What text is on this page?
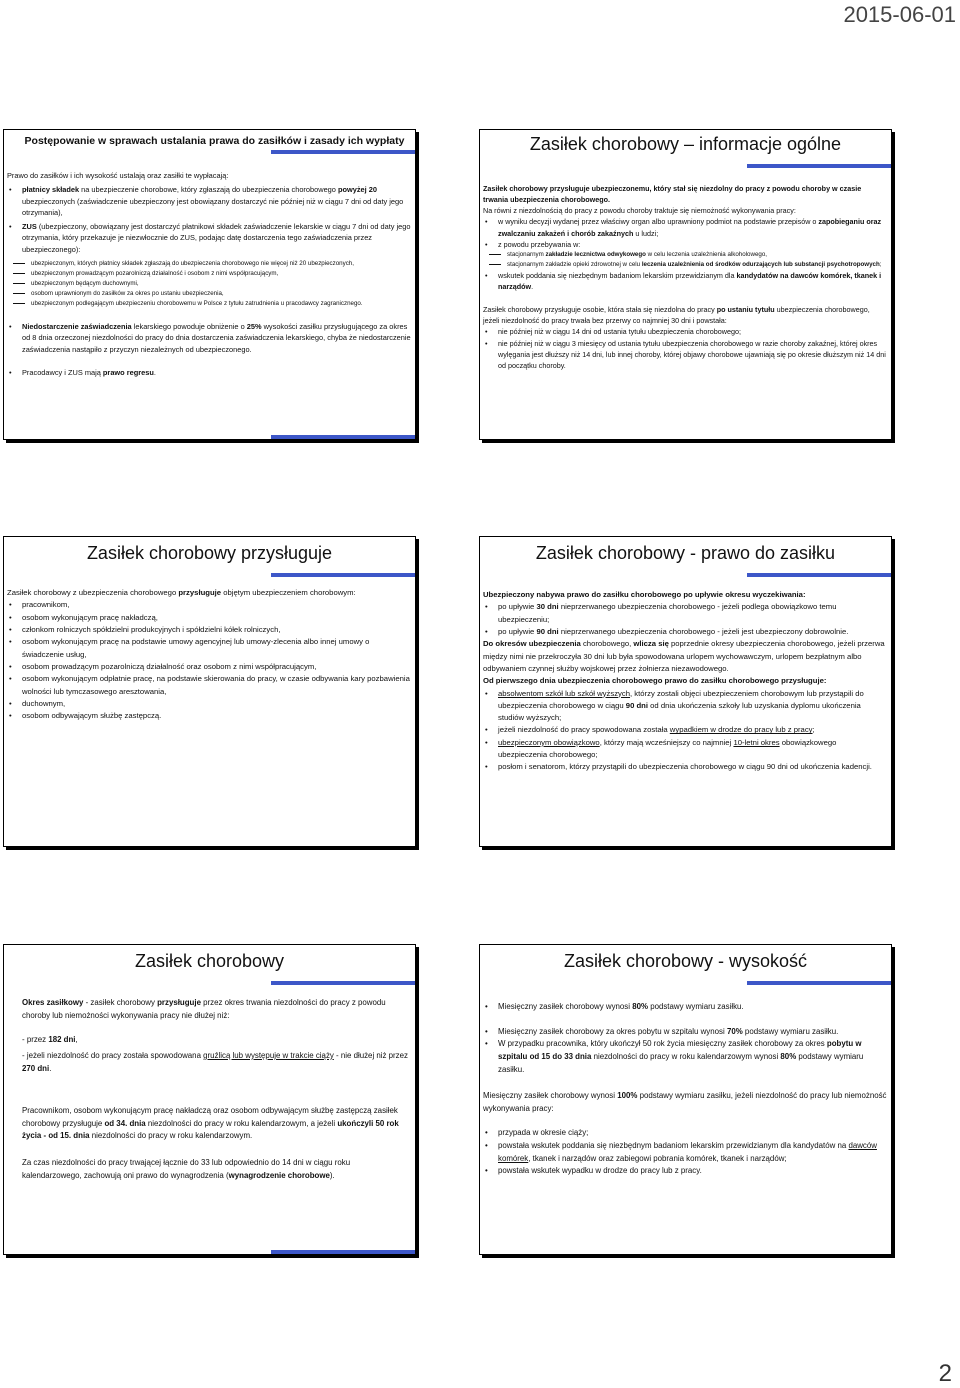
2015-06-01
Postępowanie w sprawach ustalania prawa do zasiłków i zasady ich wypłaty
Prawo do zasiłków i ich wysokość ustalają oraz zasiłki te wypłacają:
• płatnicy składek na ubezpieczenie chorobowe, który zgłaszają do ubezpieczenia chorobowego powyżej 20 ubezpieczonych (zaświadczenie ubezpieczony jest obowiązany dostarczyć nie później niż w ciągu 7 dni od daty jego otrzymania),
• ZUS (ubezpieczony, obowiązany jest dostarczyć płatnikowi składek zaświadczenie lekarskie w ciągu 7 dni od daty jego otrzymania, który przekazuje je niezwłocznie do ZUS, podając datę dostarczenia tego zaświadczenia przez ubezpieczonego):
ubezpieczonym, których płatnicy składek zgłaszają do ubezpieczenia chorobowego nie więcej niż 20 ubezpieczonych,
ubezpieczonym prowadzącym pozarolniczą działalność i osobom z nimi współpracującym,
ubezpieczonym będącym duchownymi,
osobom uprawnionym do zasiłków za okres po ustaniu ubezpieczenia,
ubezpieczonym podlegającym ubezpieczeniu chorobowemu w Polsce z tytułu zatrudnienia u pracodawcy zagranicznego.
• Niedostarczenie zaświadczenia lekarskiego powoduje obniżenie o 25% wysokości zasiłku przysługującego za okres od 8 dnia orzeczonej niezdolności do pracy do dnia dostarczenia zaświadczenia lekarskiego, chyba że niedostarczenie zaświadczenia nastąpiło z przyczyn niezależnych od ubezpieczonego.
• Pracodawcy i ZUS mają prawo regresu.
Zasiłek chorobowy – informacje ogólne
Zasiłek chorobowy przysługuje ubezpieczonemu, który stał się niezdolny do pracy z powodu choroby w czasie trwania ubezpieczenia chorobowego.
Na równi z niezdolnością do pracy z powodu choroby traktuje się niemożność wykonywania pracy:
• w wyniku decyzji wydanej przez właściwy organ albo uprawniony podmiot na podstawie przepisów o zapobieganiu oraz zwalczaniu zakażeń i chorób zakaźnych u ludzi;
• z powodu przebywania w:
stacjonarnym zakładzie lecznictwa odwykowego w celu leczenia uzależnienia alkoholowego,
stacjonarnym zakładzie opieki zdrowotnej w celu leczenia uzależnienia od środków odurzających lub substancji psychotropowych;
• wskutek poddania się niezbędnym badaniom lekarskim przewidzianym dla kandydatów na dawców komórek, tkanek i narządów.
Zasiłek chorobowy przysługuje osobie, która stała się niezdolna do pracy po ustaniu tytułu ubezpieczenia chorobowego, jeżeli niezdolność do pracy trwała bez przerwy co najmniej 30 dni i powstała:
• nie później niż w ciągu 14 dni od ustania tytułu ubezpieczenia chorobowego;
• nie później niż w ciągu 3 miesięcy od ustania tytułu ubezpieczenia chorobowego w razie choroby zakaźnej, której okres wylęgania jest dłuższy niż 14 dni, lub innej choroby, której objawy chorobowe ujawniają się po okresie dłuższym niż 14 dni od początku choroby.
Zasiłek chorobowy przysługuje
Zasiłek chorobowy z ubezpieczenia chorobowego przysługuje objętym ubezpieczeniem chorobowym:
• pracownikom,
• osobom wykonującym pracę nakładczą,
• członkom rolniczych spółdzielni produkcyjnych i spółdzielni kółek rolniczych,
• osobom wykonującym pracę na podstawie umowy agencyjnej lub umowy-zlecenia albo innej umowy o świadczenie usług,
• osobom prowadzącym pozarolniczą działalność oraz osobom z nimi współpracującym,
• osobom wykonującym odpłatnie pracę, na podstawie skierowania do pracy, w czasie odbywania kary pozbawienia wolności lub tymczasowego aresztowania,
• duchownym,
• osobom odbywającym służbę zastępczą.
Zasiłek chorobowy - prawo do zasiłku
Ubezpieczony nabywa prawo do zasiłku chorobowego po upływie okresu wyczekiwania:
• po upływie 30 dni nieprzerwanego ubezpieczenia chorobowego - jeżeli podlega obowiązkowo temu ubezpieczeniu;
• po upływie 90 dni nieprzerwanego ubezpieczenia chorobowego - jeżeli jest ubezpieczony dobrowolnie.
Do okresów ubezpieczenia chorobowego, wlicza się poprzednie okresy ubezpieczenia chorobowego, jeżeli przerwa między nimi nie przekroczyła 30 dni lub była spowodowana urlopem wychowawczym, urlopem bezpłatnym albo odbywaniem czynnej służby wojskowej przez żołnierza niezawodowego.
Od pierwszego dnia ubezpieczenia chorobowego prawo do zasiłku chorobowego przysługuje:
• absolwentom szkół lub szkół wyższych, którzy zostali objęci ubezpieczeniem chorobowym lub przystąpili do ubezpieczenia chorobowego w ciągu 90 dni od dnia ukończenia szkoły lub uzyskania dyplomu ukończenia studiów wyższych;
• jeżeli niezdolność do pracy spowodowana została wypadkiem w drodze do pracy lub z pracy;
• ubezpieczonym obowiązkowo, którzy mają wcześniejszy co najmniej 10-letni okres obowiązkowego ubezpieczenia chorobowego;
• posłom i senatorom, którzy przystąpili do ubezpieczenia chorobowego w ciągu 90 dni od ukończenia kadencji.
Zasiłek chorobowy
Okres zasiłkowy - zasiłek chorobowy przysługuje przez okres trwania niezdolności do pracy z powodu choroby lub niemożności wykonywania pracy nie dłużej niż:
- przez 182 dni,
- jeżeli niezdolność do pracy została spowodowana gruźlicą lub występuje w trakcie ciąży - nie dłużej niż przez 270 dni.
Pracownikom, osobom wykonującym pracę nakładczą oraz osobom odbywającym służbę zastępczą zasiłek chorobowy przysługuje od 34. dnia niezdolności do pracy w roku kalendarzowym, a jeżeli ukończyli 50 rok życia - od 15. dnia niezdolności do pracy w roku kalendarzowym.
Za czas niezdolności do pracy trwającej łącznie do 33 lub odpowiednio do 14 dni w ciągu roku kalendarzowego, zachowują oni prawo do wynagrodzenia (wynagrodzenie chorobowe).
Zasiłek chorobowy - wysokość
• Miesięczny zasiłek chorobowy wynosi 80% podstawy wymiaru zasiłku.
• Miesięczny zasiłek chorobowy za okres pobytu w szpitalu wynosi 70% podstawy wymiaru zasiłku.
• W przypadku pracownika, który ukończył 50 rok życia miesięczny zasiłek chorobowy za okres pobytu w szpitalu od 15 do 33 dnia niezdolności do pracy w roku kalendarzowym wynosi 80% podstawy wymiaru zasiłku.
Miesięczny zasiłek chorobowy wynosi 100% podstawy wymiaru zasiłku, jeżeli niezdolność do pracy lub niemożność wykonywania pracy:
• przypada w okresie ciąży;
• powstała wskutek poddania się niezbędnym badaniom lekarskim przewidzianym dla kandydatów na dawców komórek, tkanek i narządów oraz zabiegowi pobrania komórek, tkanek i narządów;
• powstała wskutek wypadku w drodze do pracy lub z pracy.
2
